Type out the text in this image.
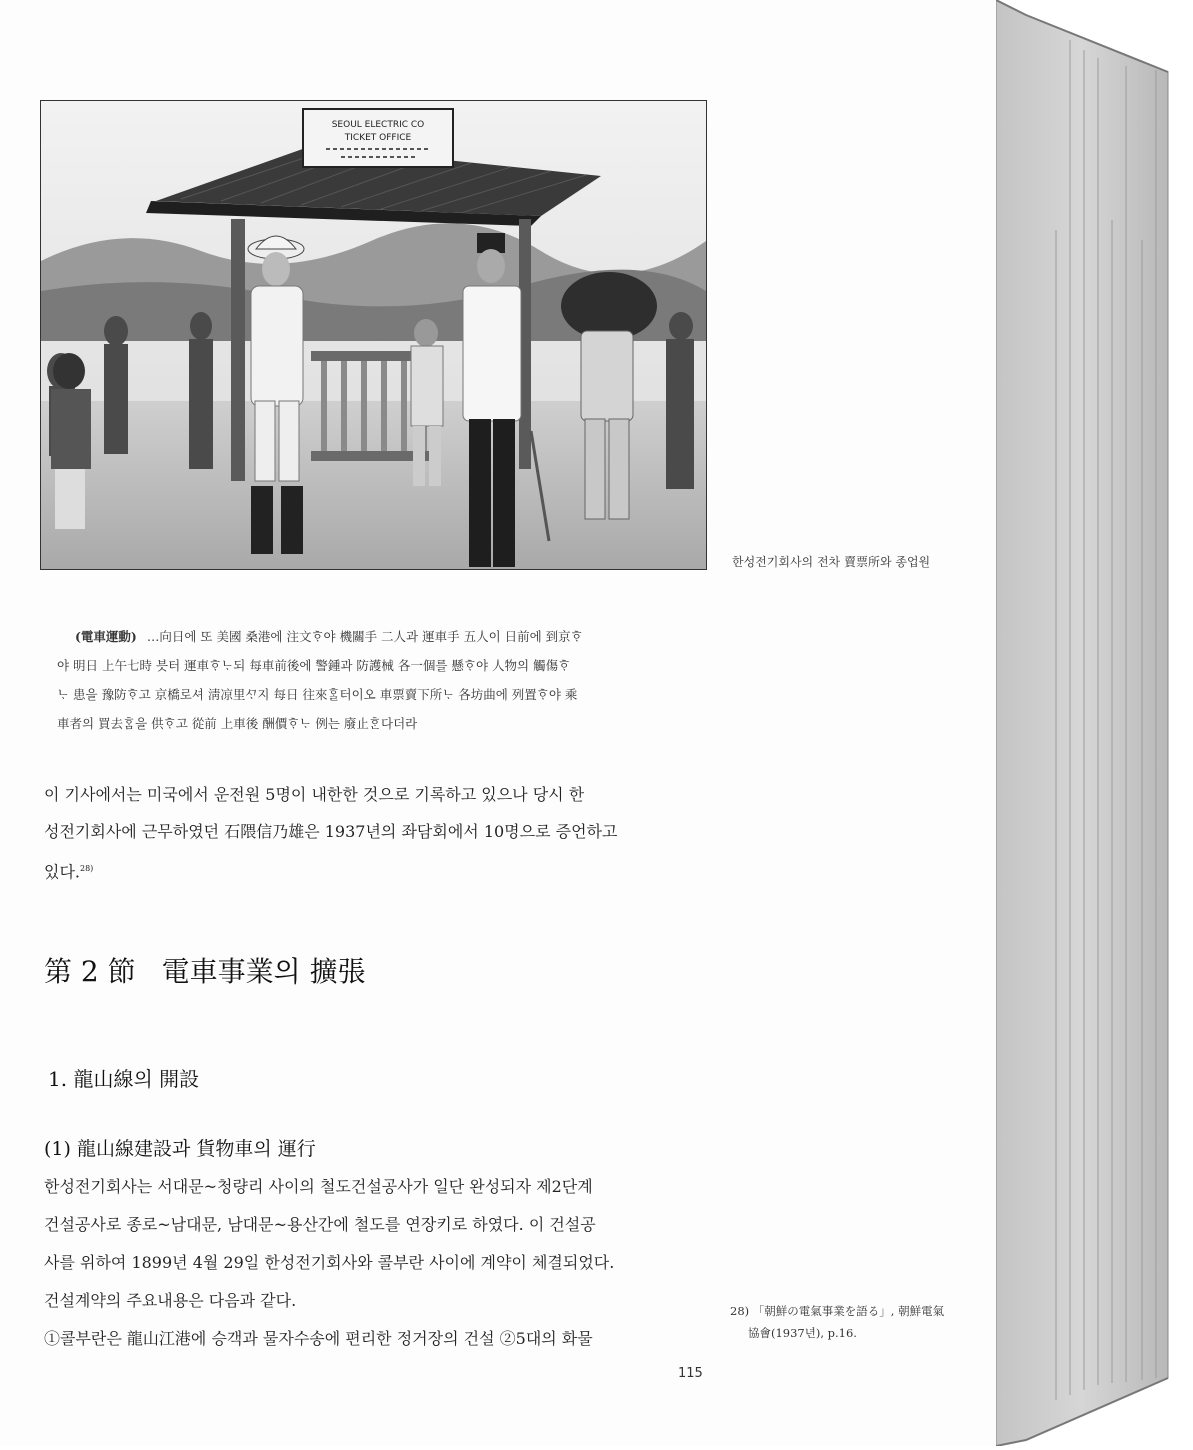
SEOUL ELECTRIC CO
TICKET OFFICE
한성전기회사의 전차 賣票所와 종업원

(電車運動) …向日에 또 美國 桑港에 注文ᄒᆞ야 機關手 二人과 運車手 五人이 日前에 到京ᄒᆞ

야 明日 上午七時 븟터 運車ᄒᆞᄂᆞ되 每車前後에 警鍾과 防護械 各一個를 懸ᄒᆞ야 人物의 觸傷ᄒᆞ

ᄂᆞ 患을 豫防ᄒᆞ고 京橋로셔 淸凉里ᄭᆞ지 每日 往來ᄒᆞᆯ터이오 車票賣下所ᄂᆞ 各坊曲에 列置ᄒᆞ야 乘

車者의 買去ᄒᆞᆷ을 供ᄒᆞ고 從前 上車後 酬價ᄒᆞᄂᆞ 例는 廢止ᄒᆞᆫ다더라

이 기사에서는 미국에서 운전원 5명이 내한한 것으로 기록하고 있으나 당시 한

성전기회사에 근무하였던 石隈信乃雄은 1937년의 좌담회에서 10명으로 증언하고

있다.$^{28)}$

第 2 節 電車事業의 擴張
1. 龍山線의 開設
(1) 龍山線建設과 貨物車의 運行

한성전기회사는 서대문~청량리 사이의 철도건설공사가 일단 완성되자 제2단계

건설공사로 종로~남대문, 남대문~용산간에 철도를 연장키로 하였다. 이 건설공

사를 위하여 1899년 4월 29일 한성전기회사와 콜부란 사이에 계약이 체결되었다.

건설계약의 주요내용은 다음과 같다.

①콜부란은 龍山江港에 승객과 물자수송에 편리한 정거장의 건설 ②5대의 화물

28) 「朝鮮の電氣事業を語る」, 朝鮮電氣

協會(1937년), p.16.

115
